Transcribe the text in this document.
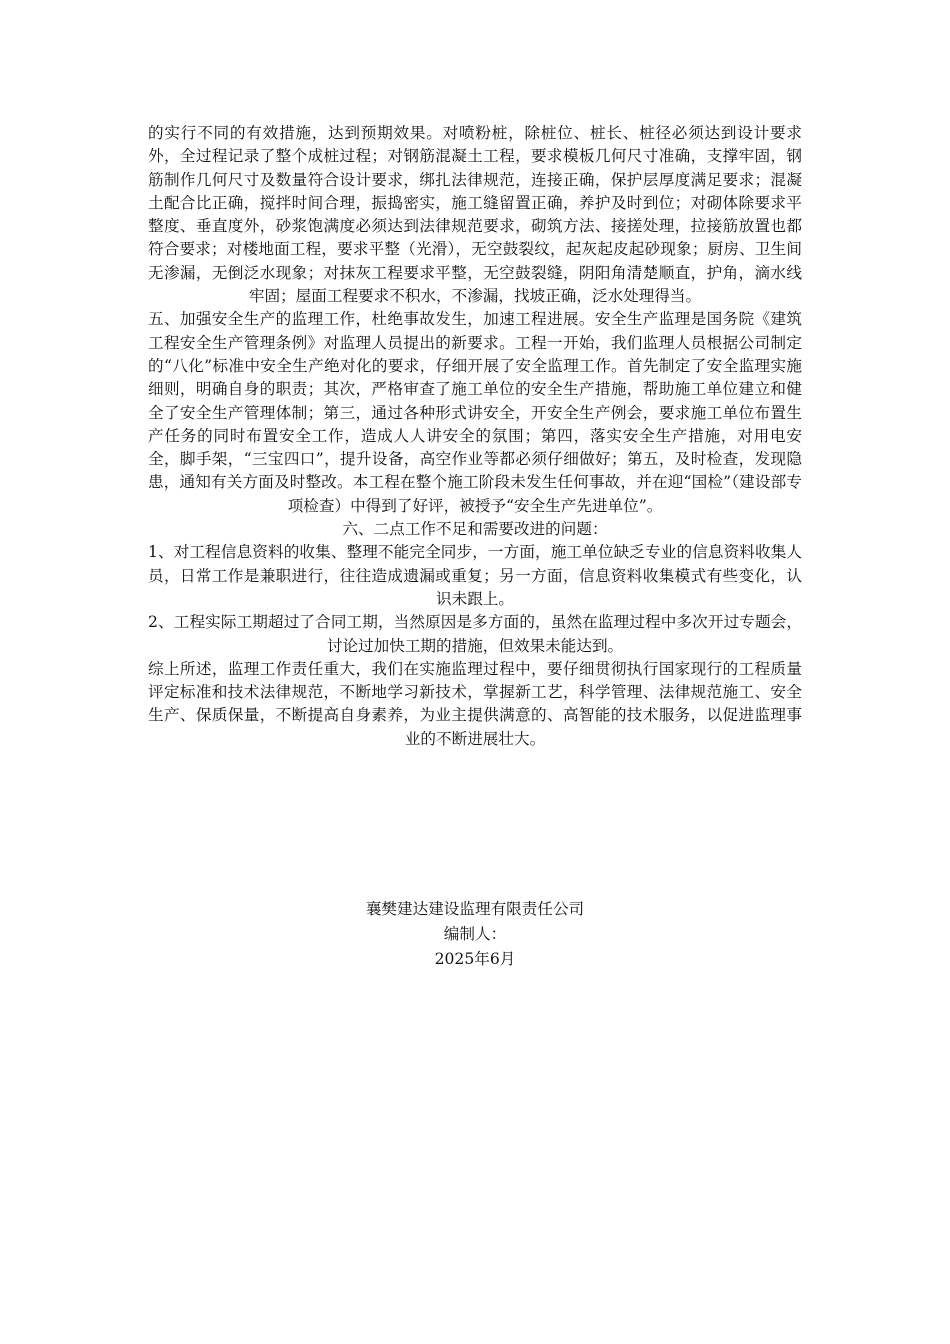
的实行不同的有效措施，达到预期效果。对喷粉桩，除桩位、桩长、桩径必须达到设计要求外，全过程记录了整个成桩过程；对钢筋混凝土工程，要求模板几何尺寸准确，支撑牢固，钢筋制作几何尺寸及数量符合设计要求，绑扎法律规范，连接正确，保护层厚度满足要求；混凝土配合比正确，搅拌时间合理，振捣密实，施工缝留置正确，养护及时到位；对砌体除要求平整度、垂直度外，砂浆饱满度必须达到法律规范要求，砌筑方法、接搓处理，拉接筋放置也都符合要求；对楼地面工程，要求平整（光滑），无空鼓裂纹，起灰起皮起砂现象；厨房、卫生间无渗漏，无倒泛水现象；对抹灰工程要求平整，无空鼓裂缝，阴阳角清楚顺直，护角，滴水线牢固；屋面工程要求不积水，不渗漏，找坡正确，泛水处理得当。

五、加强安全生产的监理工作，杜绝事故发生，加速工程进展。安全生产监理是国务院《建筑工程安全生产管理条例》对监理人员提出的新要求。工程一开始，我们监理人员根据公司制定的“八化”标准中安全生产绝对化的要求，仔细开展了安全监理工作。首先制定了安全监理实施细则，明确自身的职责；其次，严格审查了施工单位的安全生产措施，帮助施工单位建立和健全了安全生产管理体制；第三，通过各种形式讲安全，开安全生产例会，要求施工单位布置生产任务的同时布置安全工作，造成人人讲安全的氛围；第四，落实安全生产措施，对用电安全，脚手架，“三宝四口”，提升设备，高空作业等都必须仔细做好；第五，及时检查，发现隐患，通知有关方面及时整改。本工程在整个施工阶段未发生任何事故，并在迎“国检”（建设部专项检查）中得到了好评，被授予“安全生产先进单位”。

六、二点工作不足和需要改进的问题：

1、对工程信息资料的收集、整理不能完全同步，一方面，施工单位缺乏专业的信息资料收集人员，日常工作是兼职进行，往往造成遗漏或重复；另一方面，信息资料收集模式有些变化，认识未跟上。

2、工程实际工期超过了合同工期，当然原因是多方面的，虽然在监理过程中多次开过专题会，讨论过加快工期的措施，但效果未能达到。

综上所述，监理工作责任重大，我们在实施监理过程中，要仔细贯彻执行国家现行的工程质量评定标准和技术法律规范，不断地学习新技术，掌握新工艺，科学管理、法律规范施工、安全生产、保质保量，不断提高自身素养，为业主提供满意的、高智能的技术服务，以促进监理事业的不断进展壮大。

襄樊建达建设监理有限责任公司
编制人：
2025年6月
